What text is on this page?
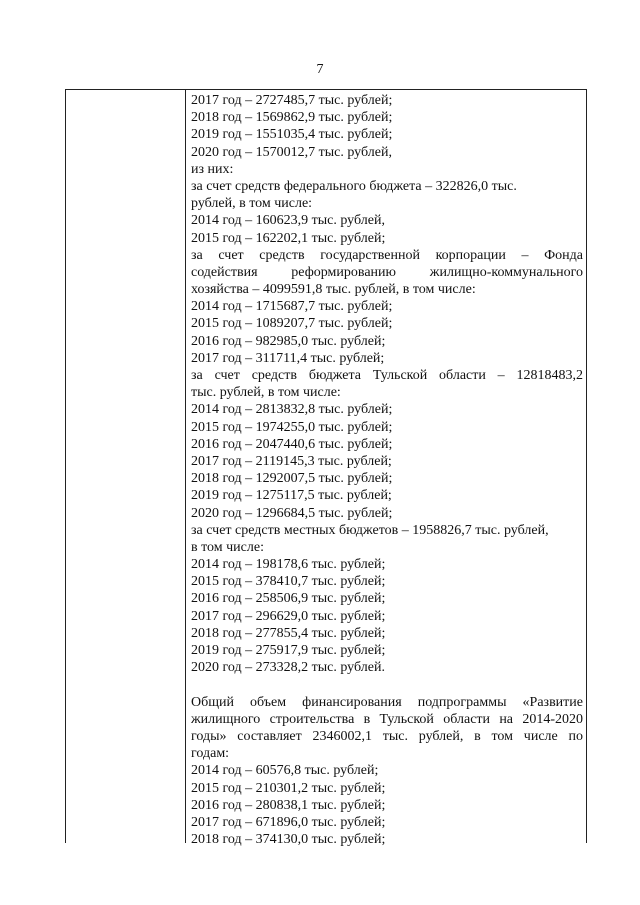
7
2017 год – 2727485,7 тыс. рублей;
2018 год – 1569862,9 тыс. рублей;
2019 год – 1551035,4 тыс. рублей;
2020 год – 1570012,7 тыс. рублей,
из них:
за счет средств федерального бюджета – 322826,0 тыс.
рублей, в том числе:
2014 год – 160623,9 тыс. рублей,
2015 год – 162202,1 тыс. рублей;
за счет средств государственной корпорации – Фонда
содействия реформированию жилищно-коммунального
хозяйства – 4099591,8 тыс. рублей, в том числе:
2014 год – 1715687,7 тыс. рублей;
2015 год – 1089207,7 тыс. рублей;
2016 год – 982985,0 тыс. рублей;
2017 год – 311711,4 тыс. рублей;
за счет средств бюджета Тульской области – 12818483,2
тыс. рублей, в том числе:
2014 год – 2813832,8 тыс. рублей;
2015 год – 1974255,0 тыс. рублей;
2016 год – 2047440,6 тыс. рублей;
2017 год – 2119145,3 тыс. рублей;
2018 год – 1292007,5 тыс. рублей;
2019 год – 1275117,5 тыс. рублей;
2020 год – 1296684,5 тыс. рублей;
за счет средств местных бюджетов – 1958826,7 тыс. рублей,
в том числе:
2014 год – 198178,6 тыс. рублей;
2015 год – 378410,7 тыс. рублей;
2016 год – 258506,9 тыс. рублей;
2017 год – 296629,0 тыс. рублей;
2018 год – 277855,4 тыс. рублей;
2019 год – 275917,9 тыс. рублей;
2020 год – 273328,2 тыс. рублей.
Общий объем финансирования подпрограммы «Развитие
жилищного строительства в Тульской области на 2014-2020
годы» составляет 2346002,1 тыс. рублей, в том числе по
годам:
2014 год – 60576,8 тыс. рублей;
2015 год – 210301,2 тыс. рублей;
2016 год – 280838,1 тыс. рублей;
2017 год – 671896,0 тыс. рублей;
2018 год – 374130,0 тыс. рублей;
